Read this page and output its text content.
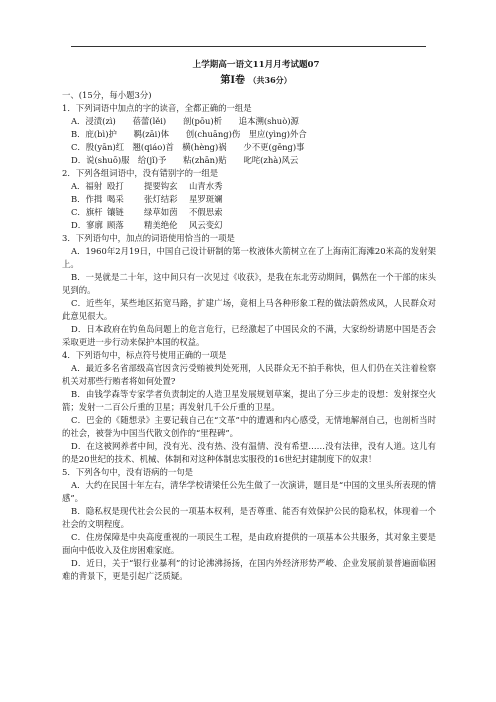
上学期高一语文11月月考试题07
第Ⅰ卷 （共36分）
一、(15分，每小题3分)
1．下列词语中加点的字的读音，全都正确的一组是
A．浸渍(zì)　　蓓蕾(lěi)　　剖(pōu)析　　追本溯(shuò)源
B．庇(bì)护　　羁(zāi)体　　创(chuāng)伤　里应(yìng)外合
C．殷(yān)红　翘(qiáo)首　横(hèng)祸　　少不更(gēng)事
D．说(shuō)服　给(jǐ)予　　粘(zhān)贴　　叱咤(zhà)风云
2．下列各组词语中，没有错别字的一组是
A．福射 殴打	提要钩玄	山青水秀
B．作揖 喝采	张灯结彩	星罗斑斓
C．旗杆 镶链	绿草如茵	不假思索
D．寥廓 顾落	精美绝伦	风云变幻
3．下列语句中，加点的词语使用恰当的一项是
A．1960年2月19日，中国自己设计研制的第一枚液体火箭树立在了上海南汇海滩20米高的发射架上。
B．一晃就是二十年，这中间只有一次见过《收获》，是我在东北劳动期间，偶然在一个干部的床头见到的。
C．近些年，某些地区拓宽马路，扩建广场，竟相上马各种形象工程的做法蔚然成风，人民群众对此意见很大。
D．日本政府在钓鱼岛问题上的危言危行，已经激起了中国民众的不满，大家纷纷请愿中国是否会采取更进一步行动来保护本国的权益。
4．下列语句中，标点符号使用正确的一项是
A．最近多名省部级高官因贪污受贿被判处死刑，人民群众无不拍手称快，但人们仍在关注着检察机关对那些行贿者将如何处置?
B．由钱学森等专家学者负责制定的人造卫星发展规划草案，提出了分三步走的设想：发射探空火箭；发射一二百公斤重的卫星；再发射几千公斤重的卫星。
C．巴金的《随想录》主要记载自己在“文革”中的遭遇和内心感受，无情地解剖自己，也剖析当时的社会，被誉为中国当代散文创作的“里程碑”。
D．在这被网养者中间，没有光、没有热、没有温情、没有希望……没有法律，没有人道。这儿有的是20世纪的技术、机械、体制和对这种体制忠实服役的16世纪封建制度下的奴隶！
5．下列各句中，没有语病的一句是
A．大约在民国十年左右，清华学校请梁任公先生做了一次演讲，题目是“中国的文里头所表现的情感”。
B．隐私权是现代社会公民的一项基本权利，是否尊重、能否有效保护公民的隐私权，体现着一个社会的文明程度。
C．住房保障是中央高度重视的一项民生工程，是由政府提供的一项基本公共服务，其对象主要是面向中低收入及住房困难家庭。
D．近日，关于“银行业暴利”的讨论沸沸扬扬，在国内外经济形势严峻、企业发展前景普遍面临困难的背景下，更是引起广泛质疑。
